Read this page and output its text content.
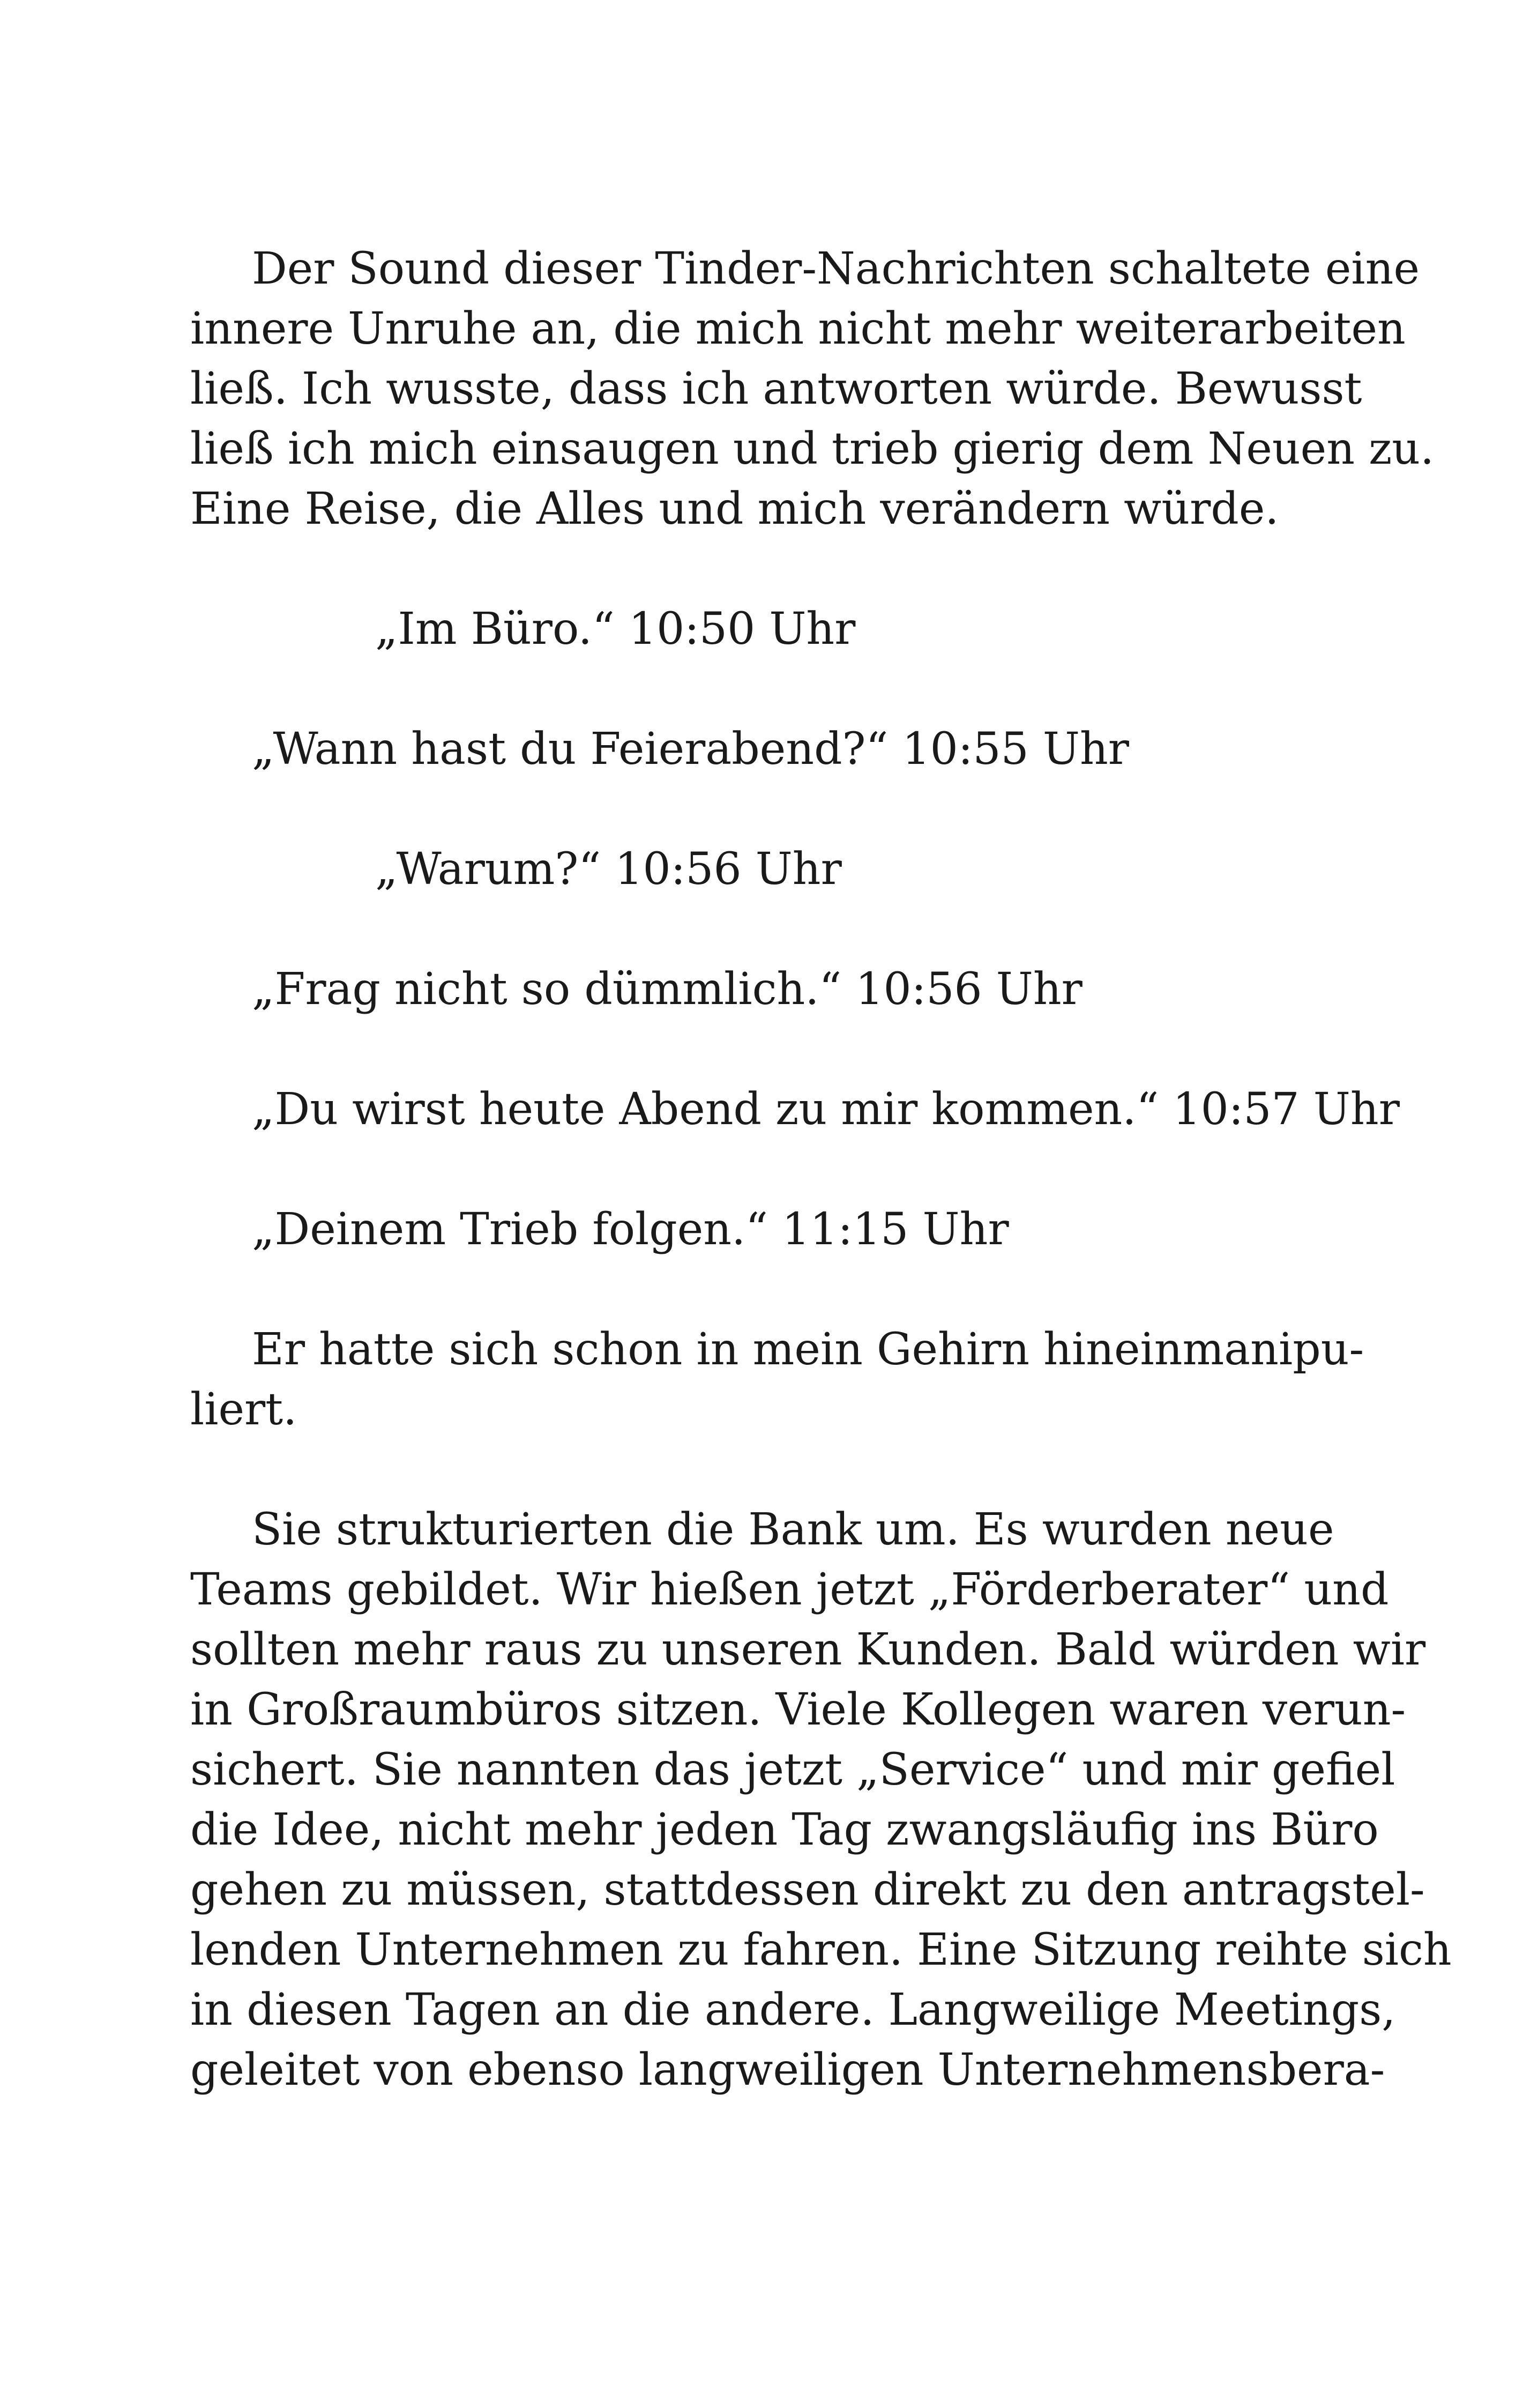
Der Sound dieser Tinder-Nachrichten schaltete eine
innere Unruhe an, die mich nicht mehr weiterarbeiten
ließ. Ich wusste, dass ich antworten würde. Bewusst
ließ ich mich einsaugen und trieb gierig dem Neuen zu.
Eine Reise, die Alles und mich verändern würde.
„Im Büro.“ 10:50 Uhr
„Wann hast du Feierabend?“ 10:55 Uhr
„Warum?“ 10:56 Uhr
„Frag nicht so dümmlich.“ 10:56 Uhr
„Du wirst heute Abend zu mir kommen.“ 10:57 Uhr
„Deinem Trieb folgen.“ 11:15 Uhr
Er hatte sich schon in mein Gehirn hineinmanipu-
liert.
Sie strukturierten die Bank um. Es wurden neue
Teams gebildet. Wir hießen jetzt „Förderberater“ und
sollten mehr raus zu unseren Kunden. Bald würden wir
in Großraumbüros sitzen. Viele Kollegen waren verun-
sichert. Sie nannten das jetzt „Service“ und mir gefiel
die Idee, nicht mehr jeden Tag zwangsläufig ins Büro
gehen zu müssen, stattdessen direkt zu den antragstel-
lenden Unternehmen zu fahren. Eine Sitzung reihte sich
in diesen Tagen an die andere. Langweilige Meetings,
geleitet von ebenso langweiligen Unternehmensbera-
